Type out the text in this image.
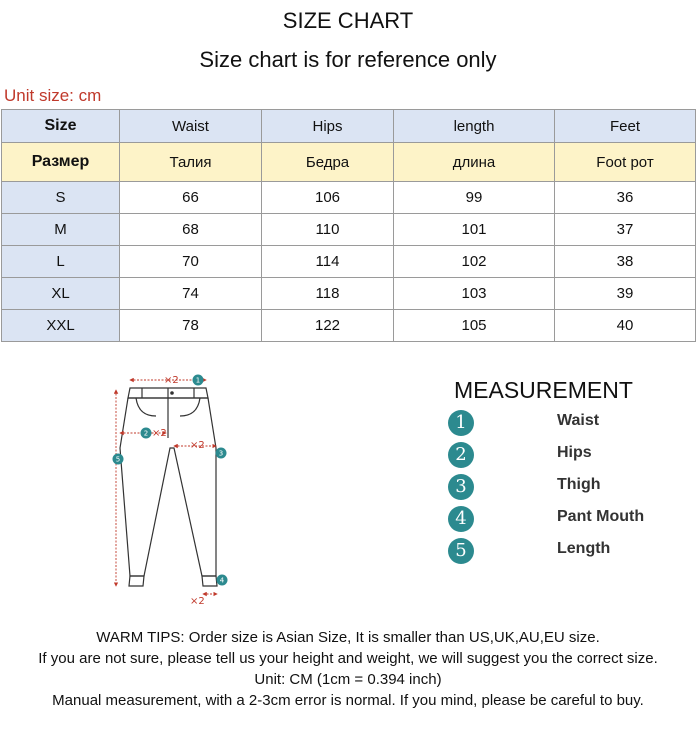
SIZE CHART
Size chart is for reference only
Unit size: cm
Size	Waist	Hips	length	Feet
Размер	Талия	Бедра	длина	Foot рот
S	66	106	99	36
M	68	110	101	37
L	70	114	102	38
XL	74	118	103	39
XXL	78	122	105	40
×2
×2
×2
×2
1
2
3
4
5
MEASUREMENT
1	Waist
2	Hips
3	Thigh
4	Pant Mouth
5	Length
WARM TIPS: Order size is Asian Size, It is smaller than US,UK,AU,EU size.
If you are not sure, please tell us your height and weight, we will suggest you the correct size.
Unit: CM (1cm = 0.394 inch)
Manual measurement, with a 2-3cm error is normal. If you mind, please be careful to buy.
